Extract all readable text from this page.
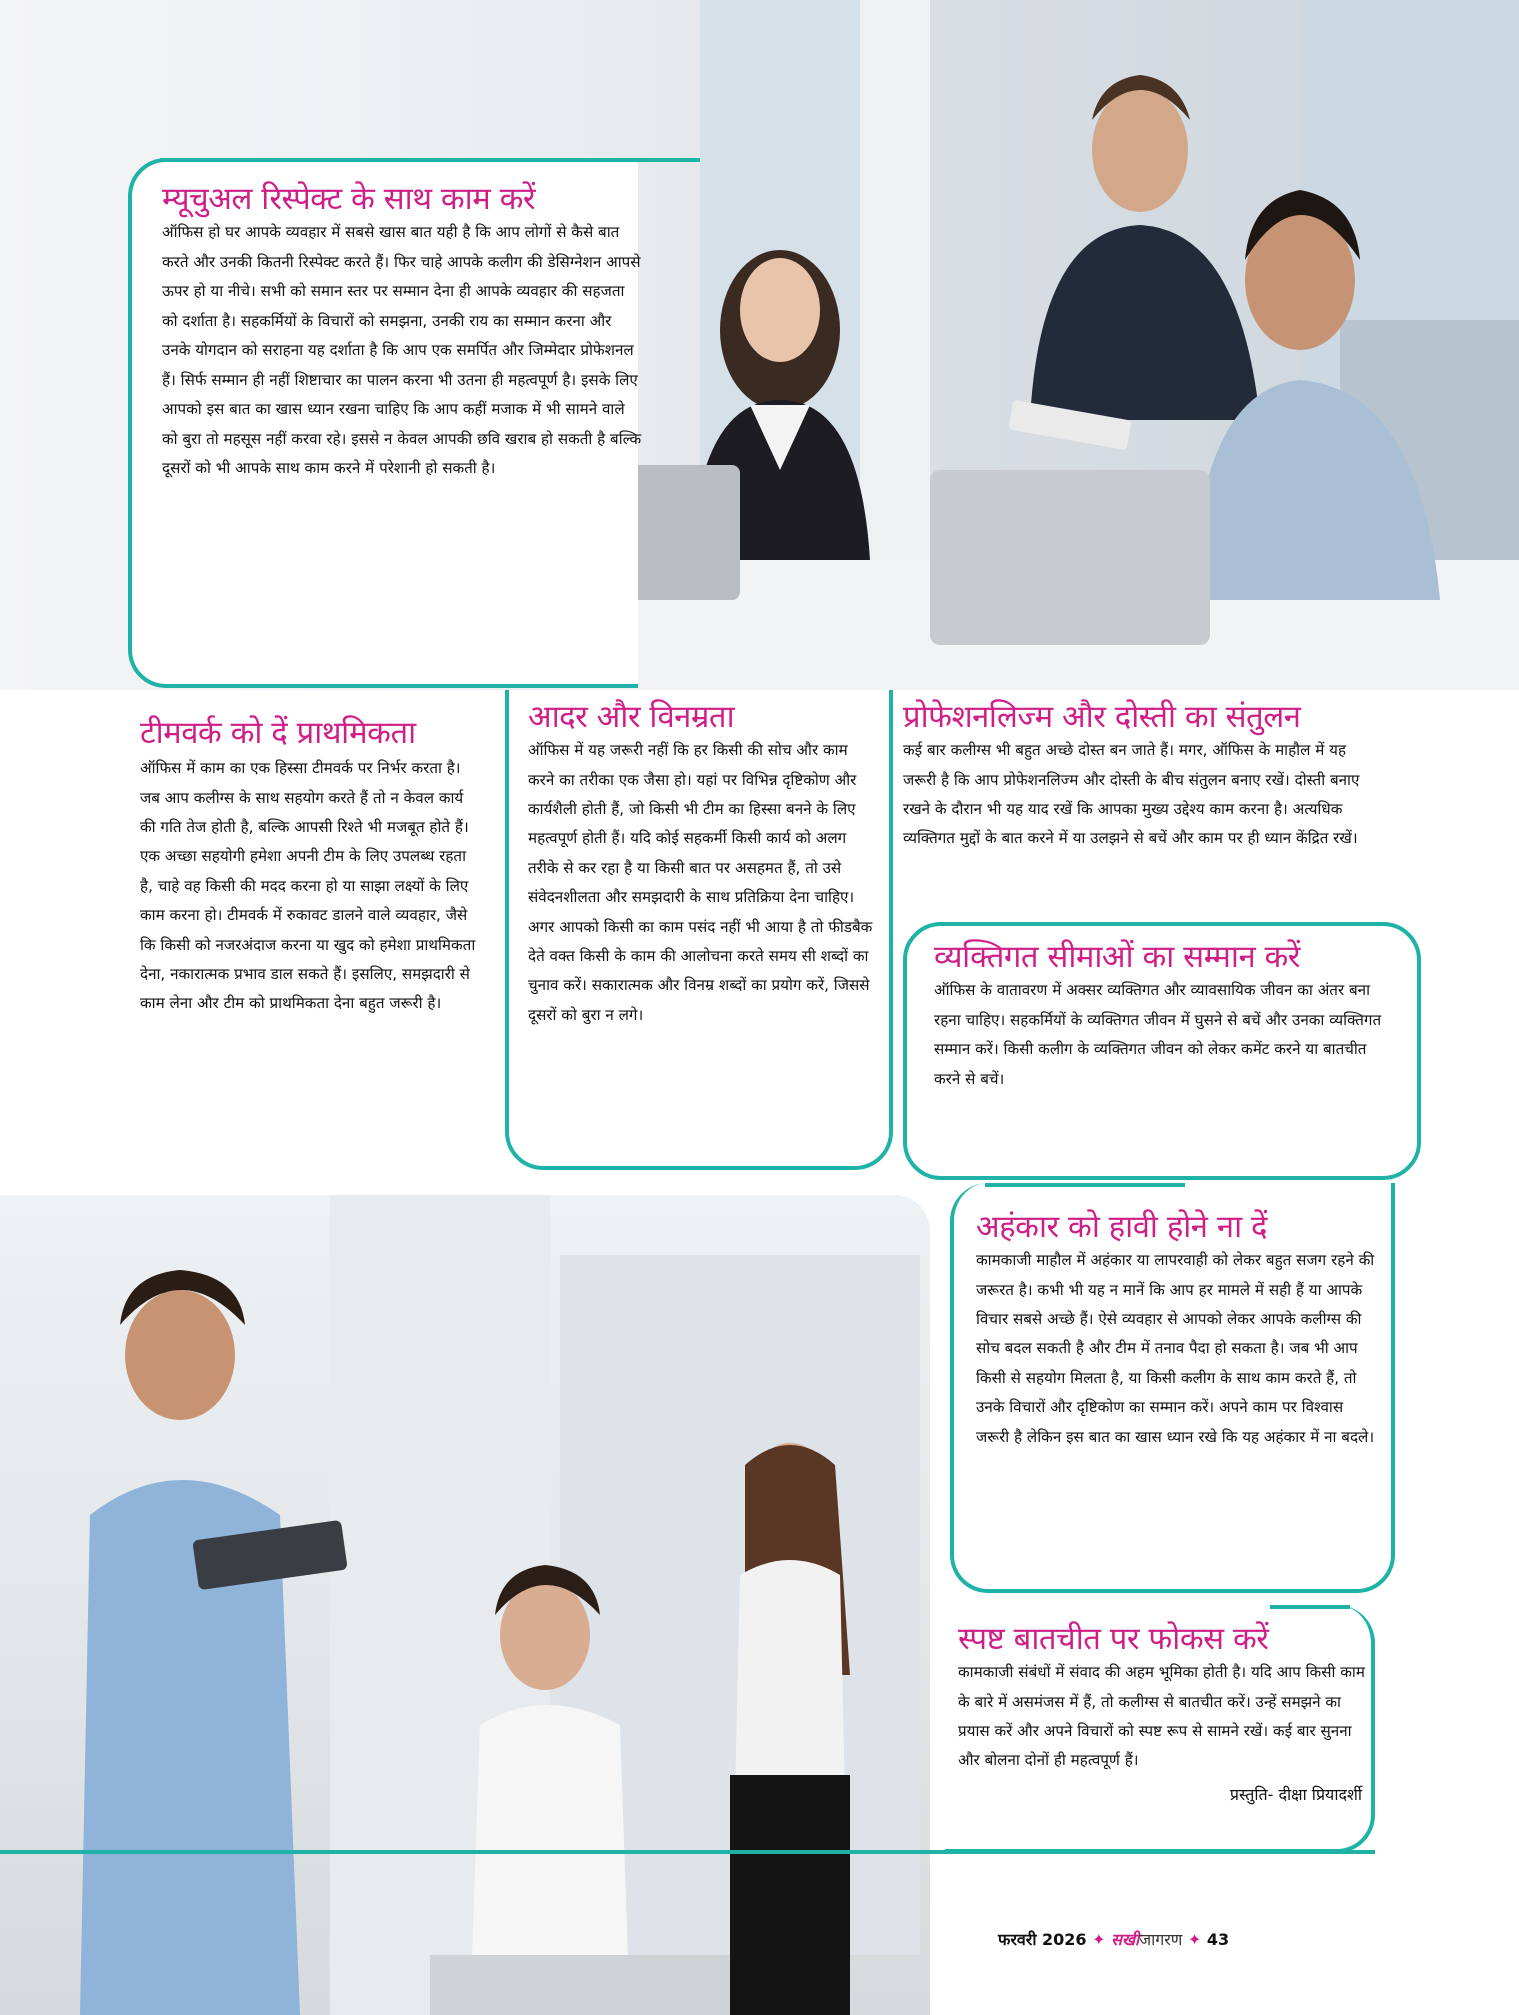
म्यूचुअल रिस्पेक्ट के साथ काम करें

ऑफिस हो घर आपके व्यवहार में सबसे खास बात यही है कि आप लोगों से कैसे बात करते और उनकी कितनी रिस्पेक्ट करते हैं। फिर चाहे आपके कलीग की डेसिग्नेशन आपसे ऊपर हो या नीचे। सभी को समान स्तर पर सम्मान देना ही आपके व्यवहार की सहजता को दर्शाता है। सहकर्मियों के विचारों को समझना, उनकी राय का सम्मान करना और उनके योगदान को सराहना यह दर्शाता है कि आप एक समर्पित और जिम्मेदार प्रोफेशनल हैं। सिर्फ सम्मान ही नहीं शिष्टाचार का पालन करना भी उतना ही महत्वपूर्ण है। इसके लिए आपको इस बात का खास ध्यान रखना चाहिए कि आप कहीं मजाक में भी सामने वाले को बुरा तो महसूस नहीं करवा रहे। इससे न केवल आपकी छवि खराब हो सकती है बल्कि दूसरों को भी आपके साथ काम करने में परेशानी हो सकती है।

टीमवर्क को दें प्राथमिकता

ऑफिस में काम का एक हिस्सा टीमवर्क पर निर्भर करता है। जब आप कलीग्स के साथ सहयोग करते हैं तो न केवल कार्य की गति तेज होती है, बल्कि आपसी रिश्ते भी मजबूत होते हैं। एक अच्छा सहयोगी हमेशा अपनी टीम के लिए उपलब्ध रहता है, चाहे वह किसी की मदद करना हो या साझा लक्ष्यों के लिए काम करना हो। टीमवर्क में रुकावट डालने वाले व्यवहार, जैसे कि किसी को नजरअंदाज करना या खुद को हमेशा प्राथमिकता देना, नकारात्मक प्रभाव डाल सकते हैं। इसलिए, समझदारी से काम लेना और टीम को प्राथमिकता देना बहुत जरूरी है।

आदर और विनम्रता

ऑफिस में यह जरूरी नहीं कि हर किसी की सोच और काम करने का तरीका एक जैसा हो। यहां पर विभिन्न दृष्टिकोण और कार्यशैली होती हैं, जो किसी भी टीम का हिस्सा बनने के लिए महत्वपूर्ण होती हैं। यदि कोई सहकर्मी किसी कार्य को अलग तरीके से कर रहा है या किसी बात पर असहमत हैं, तो उसे संवेदनशीलता और समझदारी के साथ प्रतिक्रिया देना चाहिए। अगर आपको किसी का काम पसंद नहीं भी आया है तो फीडबैक देते वक्त किसी के काम की आलोचना करते समय सी शब्दों का चुनाव करें। सकारात्मक और विनम्र शब्दों का प्रयोग करें, जिससे दूसरों को बुरा न लगे।

प्रोफेशनलिज्म और दोस्ती का संतुलन

कई बार कलीग्स भी बहुत अच्छे दोस्त बन जाते हैं। मगर, ऑफिस के माहौल में यह जरूरी है कि आप प्रोफेशनलिज्म और दोस्ती के बीच संतुलन बनाए रखें। दोस्ती बनाए रखने के दौरान भी यह याद रखें कि आपका मुख्य उद्देश्य काम करना है। अत्यधिक व्यक्तिगत मुद्दों के बात करने में या उलझने से बचें और काम पर ही ध्यान केंद्रित रखें।

व्यक्तिगत सीमाओं का सम्मान करें

ऑफिस के वातावरण में अक्सर व्यक्तिगत और व्यावसायिक जीवन का अंतर बना रहना चाहिए। सहकर्मियों के व्यक्तिगत जीवन में घुसने से बचें और उनका व्यक्तिगत सम्मान करें। किसी कलीग के व्यक्तिगत जीवन को लेकर कमेंट करने या बातचीत करने से बचें।

अहंकार को हावी होने ना दें

कामकाजी माहौल में अहंकार या लापरवाही को लेकर बहुत सजग रहने की जरूरत है। कभी भी यह न मानें कि आप हर मामले में सही हैं या आपके विचार सबसे अच्छे हैं। ऐसे व्यवहार से आपको लेकर आपके कलीग्स की सोच बदल सकती है और टीम में तनाव पैदा हो सकता है। जब भी आप किसी से सहयोग मिलता है, या किसी कलीग के साथ काम करते हैं, तो उनके विचारों और दृष्टिकोण का सम्मान करें। अपने काम पर विश्वास जरूरी है लेकिन इस बात का खास ध्यान रखे कि यह अहंकार में ना बदले।

स्पष्ट बातचीत पर फोकस करें

कामकाजी संबंधों में संवाद की अहम भूमिका होती है। यदि आप किसी काम के बारे में असमंजस में हैं, तो कलीग्स से बातचीत करें। उन्हें समझने का प्रयास करें और अपने विचारों को स्पष्ट रूप से सामने रखें। कई बार सुनना और बोलना दोनों ही महत्वपूर्ण हैं।

प्रस्तुति- दीक्षा प्रियादर्शी

फरवरी 2026 ✦ सखीजागरण ✦ 43
